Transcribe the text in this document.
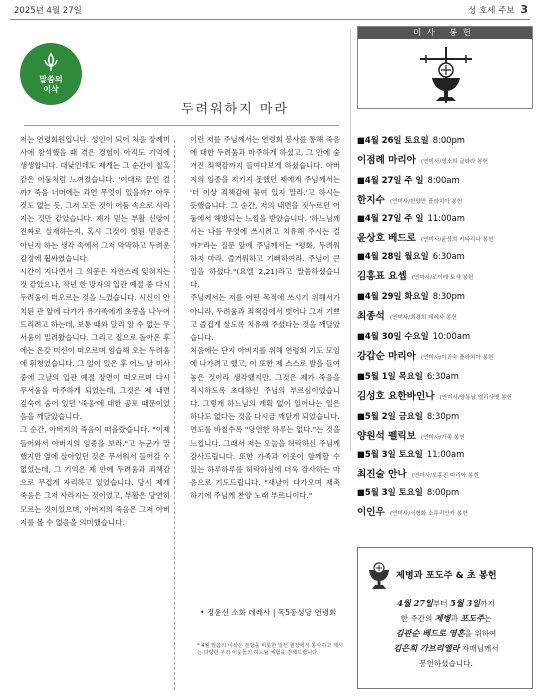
2025년 4월 27일	성 호세 주보 3
말씀의
이삭
두려워하지 마라

저는 연령회원입니다. 성인이 되어 처음 장례미사에 참석했을 때 겪은 경험이 아직도 기억에 생생합니다. 대낮인데도 제게는 그 순간이 칠흑 같은 어둠처럼 느껴졌습니다. '이대로 끝인 걸까? 죽음 너머에는 과연 무엇이 있을까?' 아무것도 없는 듯, 그저 모든 것이 어둠 속으로 사라지는 것만 같았습니다. 제가 믿는 부활 신앙이 진짜로 실재하는지, 혹시 그것이 헛된 믿음은 아닌지 하는 생각 속에서 그저 막막하고 두려운 감정에 휩싸였습니다.

시간이 지나면서 그 의문은 자연스레 잊혀지는 것 같았으나, 작년 한 망자의 입관 예절 중 다시 두려움이 떠오르는 것을 느꼈습니다. 시신이 안치된 관 앞에 다가가 유가족에게 초봉을 나누어 드리려고 하는데, 보통 때와 달리 알 수 없는 무서움이 밀려왔습니다. 그리고 집으로 돌아온 후에는 온갖 미신이 떠오르며 엄습해 오는 두려움에 휘청였습니다. 그 일이 있은 후 어느 날 미사 중에 그날의 입관 예절 장면이 떠오르며 다시 무서움을 마주하게 되었는데, 그것은 제 내면 깊숙이 숨어 있던 '죽음'에 대한 공포 때문이었음을 깨달았습니다.

그 순간, 아버지의 죽음이 떠올랐습니다. "이제 들어와서 아버지의 임종을 보라."고 누군가 말했지만 옆에 살아있던 것은 무서워서 들어갈 수 없었는데, 그 기억은 제 안에 두려움과 죄책감으로 무겁게 자리하고 있었습니다. 당시 제게 죽음은 그저 사라지는 것이었고, 부활은 당연히 모르는 것이었으며, 아버지의 죽음은 그저 아버지를 볼 수 없음을 의미했습니다.

이런 저를 주님께서는 연령회 봉사를 통해 죽음에 대한 두려움과 마주하게 하셨고, 그 안에 숨겨진 죄책감까지 들여다보게 하셨습니다. 아버지의 임종을 지키지 못했던 제에게 주님께서는 '더 이상 죄책감에 묶여 있지 말라.'고 하시는 듯했습니다. 그 순간, 저의 내면을 짓누르던 어둠에서 해방되는 느낌을 받았습니다. '하느님께서는 나를 무엇에 쓰시려고 치유해 주시는 걸까?'라는 질문 앞에 주님께서는 "평화, 두려워하지 마라. 즐거워하고 기뻐하여라. 주님이 큰일을 하셨다."(요엘 2,21)라고 말씀하셨습니다.

주님께서는 저를 어떤 목적에 쓰시기 위해서가 아니라, 두려움과 죄책감에서 벗어나 그저 기쁘고 즐겁게 살도록 치유해 주셨다는 것을 깨달았습니다.

처음에는 단지 아버지를 위해 연령회 기도 모임에 나가려고 했고, 이 또한 제 스스로 발을 들여놓은 것이라 생각했지만, 그것은 제가 죽음을 직시하도록 초대하신 주님의 부르심이었습니다. 그렇게 하느님의 계획 없이 일어나는 일은 하나도 없다는 것을 다시금 깨닫게 되었습니다.

연도를 바칠수록 "당연한 하루는 없다."는 것을 느낍니다. 그래서 저는 오늘을 허락하신 주님께 감사드립니다. 또한 가족과 이웃이 함께할 수 있는 하루하루를 허락하심에 더욱 감사하는 마음으로 기도드립니다. "새날이 다가오며 재촉하기에 주님께 찬양 노래 부르니이다."

• 정윤선 소화 데레사 | 목5동성당 연령회
* 4월 말씀의 이삭은 본당을 비롯한 일선 현장에서 봉사하고 계시는 다양한 우리 이웃들의 하느님 체험을 전해드립니다.
미사 봉헌
■4월 26일 토요일 8:00pm
이점례 마리아 (연미사/명소희 글라라 봉헌
■4월 27일 주 일 8:00am
한지수 (연미사/한양만 플라치아 봉헌
■4월 27일 주 일 11:00am
윤상호 베드로 (연미사/윤상희 카타리나 봉헌
■4월 28일 월요일 6:30am
김홍표 요셉 (연미사/조이레 토사 봉헌
■4월 29일 화요일 8:30pm
최종석 (연미사/최경희 데레사 봉헌
■4월 30일 수요일 10:00am
강갑순 마리아 (연미사/이귀숙 플라치아 봉헌
■5월 1일 목요일 6:30am
김성호 요한바인나 (연미사/양통남 엘리사벳 봉헌
■5월 2일 금요일 8:30pm
양원석 펠릭보 (연미사/가족 봉헌
■5월 3일 토요일 11:00am
최진술 안나 (연미사/오홍진 마리아 봉헌
■5월 3일 토요일 8:00pm
이인우 (연미사/서형화 소투리안카 봉헌
제병과 포도주 & 초 봉헌
4월 27일부터 5월 3일까지
한 주간의 제병과 포도주는
김관순 베드로 영혼을 위하여
김은희 가브리엘라 자매님께서
봉헌하셨습니다.
